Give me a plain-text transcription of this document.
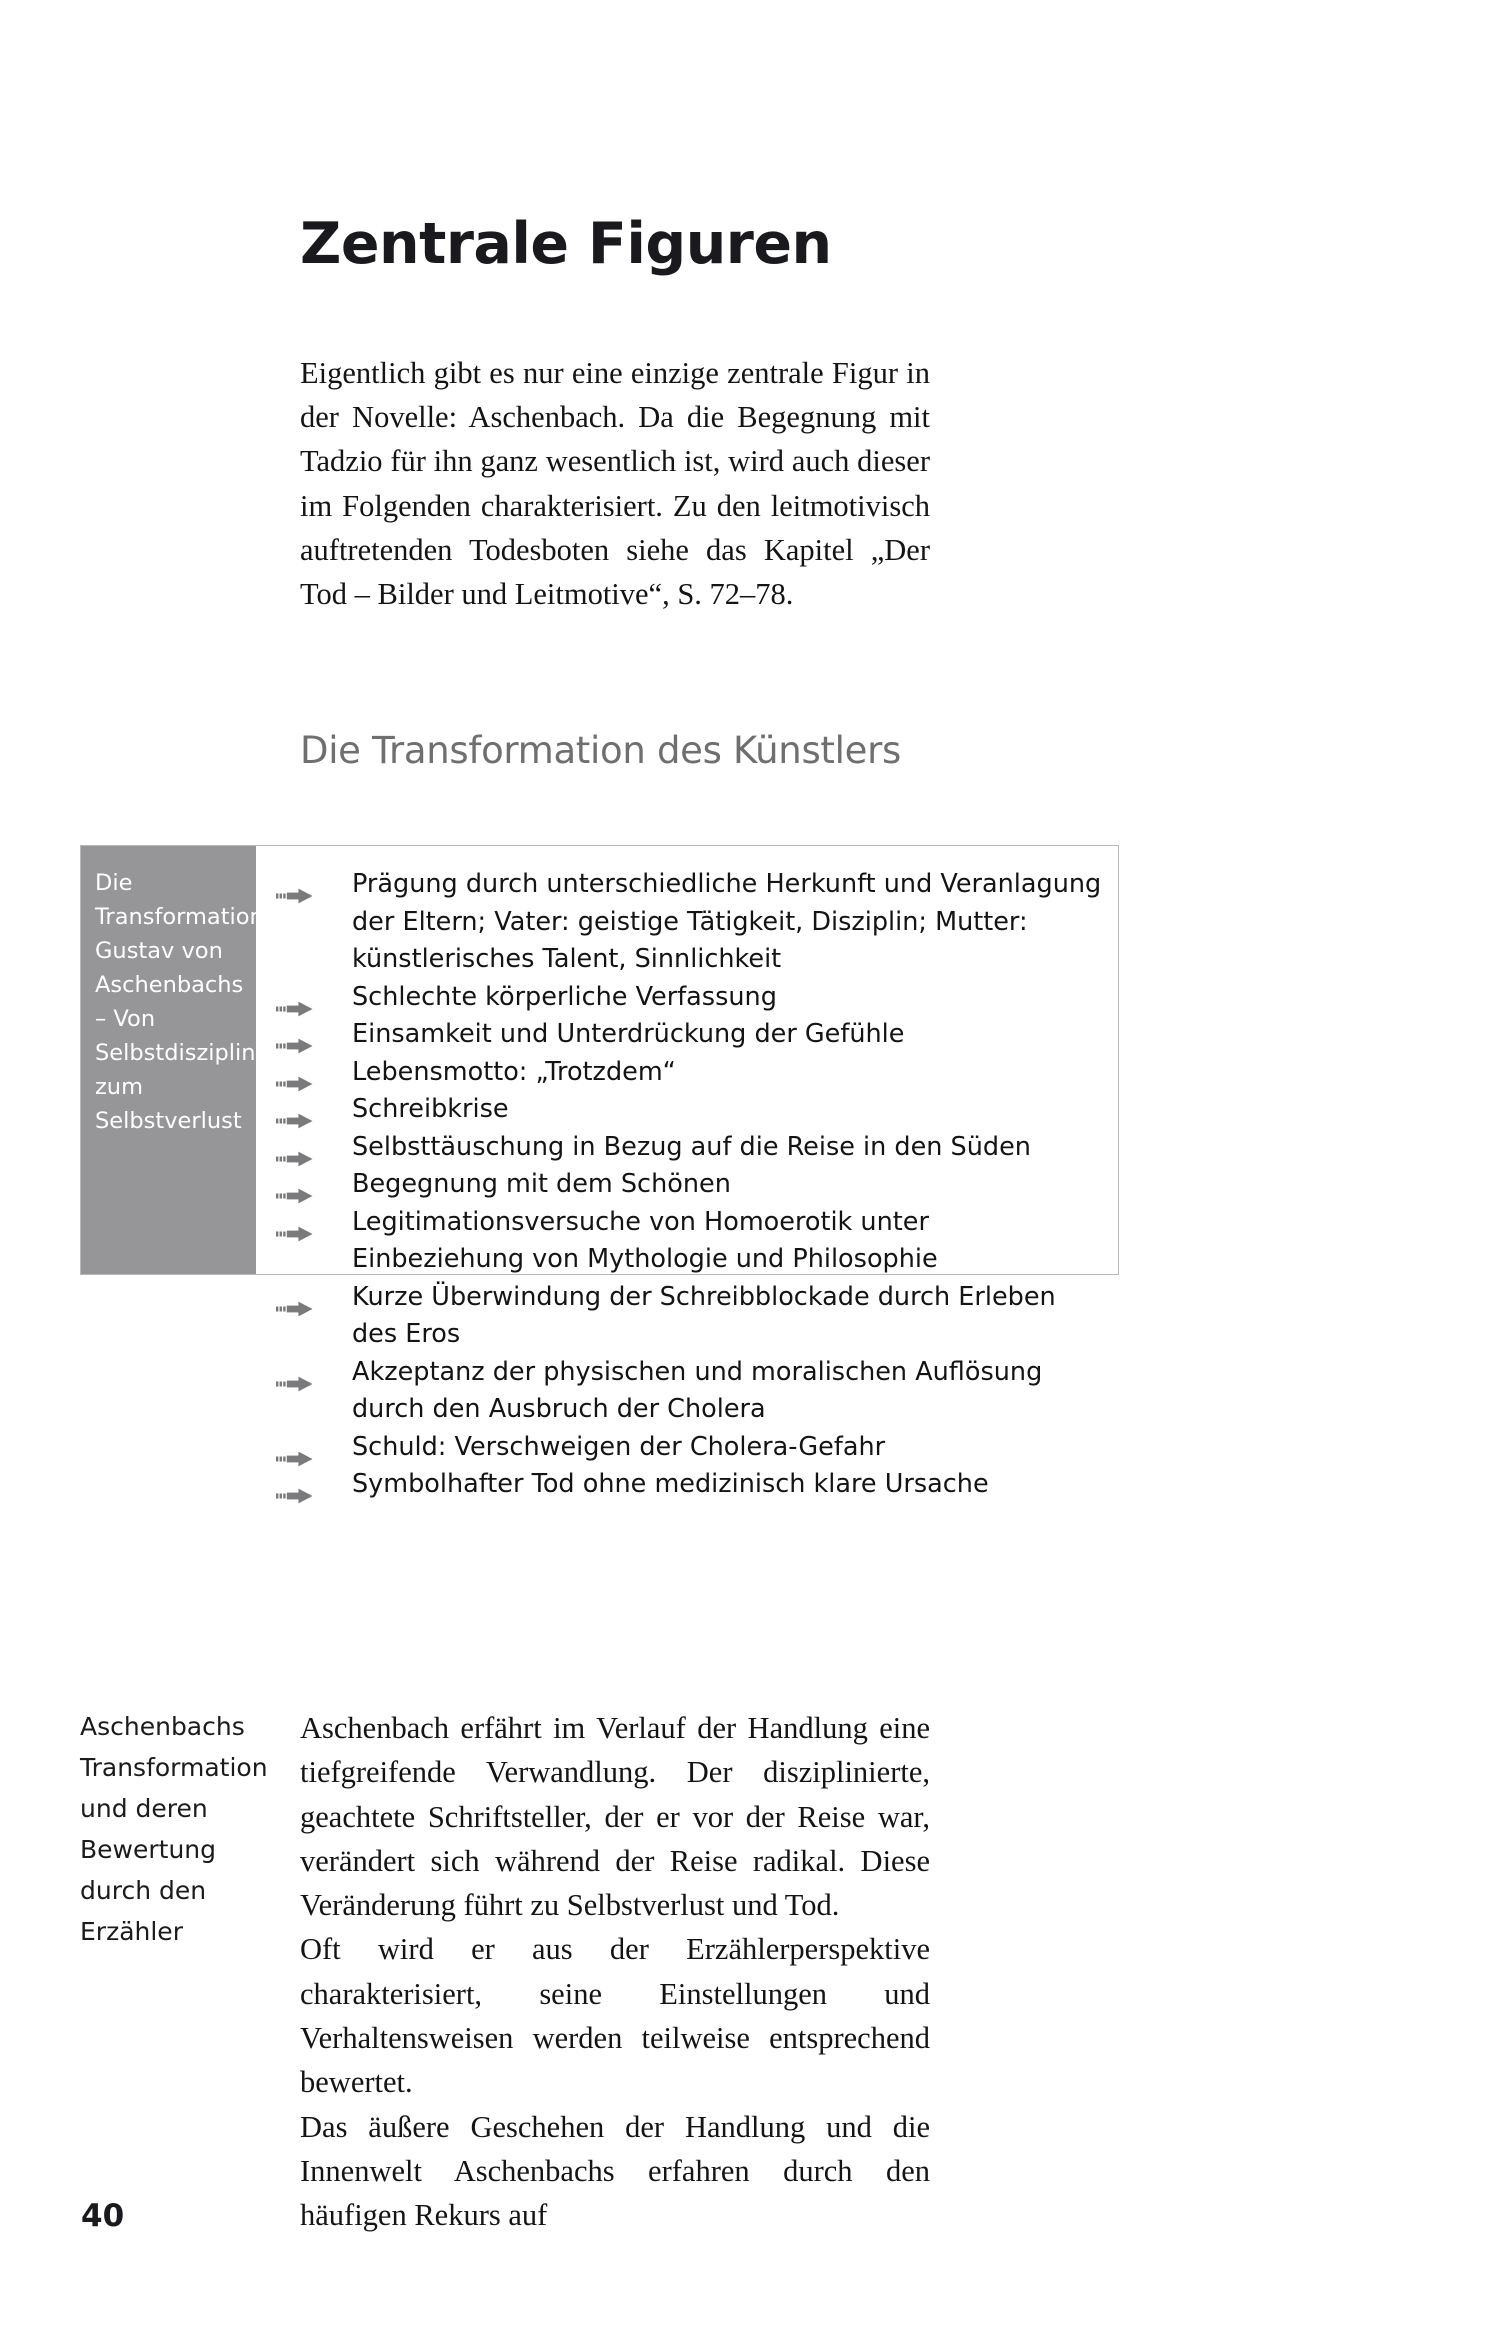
Zentrale Figuren
Eigentlich gibt es nur eine einzige zentrale Figur in der Novelle: Aschenbach. Da die Begegnung mit Tadzio für ihn ganz wesentlich ist, wird auch dieser im Folgenden charakterisiert. Zu den leitmotivisch auftretenden Todesboten siehe das Kapitel „Der Tod – Bilder und Leitmotive“, S. 72–78.
Die Transformation des Künstlers
Die Transformation Gustav von Aschenbachs – Von Selbstdisziplin zum Selbstverlust
Prägung durch unterschiedliche Herkunft und Veranlagung der Eltern; Vater: geistige Tätigkeit, Disziplin; Mutter: künstlerisches Talent, Sinnlichkeit
Schlechte körperliche Verfassung
Einsamkeit und Unterdrückung der Gefühle
Lebensmotto: „Trotzdem“
Schreibkrise
Selbsttäuschung in Bezug auf die Reise in den Süden
Begegnung mit dem Schönen
Legitimationsversuche von Homoerotik unter Einbeziehung von Mythologie und Philosophie
Kurze Überwindung der Schreibblockade durch Erleben des Eros
Akzeptanz der physischen und moralischen Auflösung durch den Ausbruch der Cholera
Schuld: Verschweigen der Cholera-Gefahr
Symbolhafter Tod ohne medizinisch klare Ursache
Aschenbachs Transformation und deren Bewertung durch den Erzähler

Aschenbach erfährt im Verlauf der Handlung eine tiefgreifende Verwandlung. Der disziplinierte, geachtete Schriftsteller, der er vor der Reise war, verändert sich während der Reise radikal. Diese Veränderung führt zu Selbstverlust und Tod.

Oft wird er aus der Erzählerperspektive charakterisiert, seine Einstellungen und Verhaltensweisen werden teilweise entsprechend bewertet.

Das äußere Geschehen der Handlung und die Innenwelt Aschenbachs erfahren durch den häufigen Rekurs auf

40
